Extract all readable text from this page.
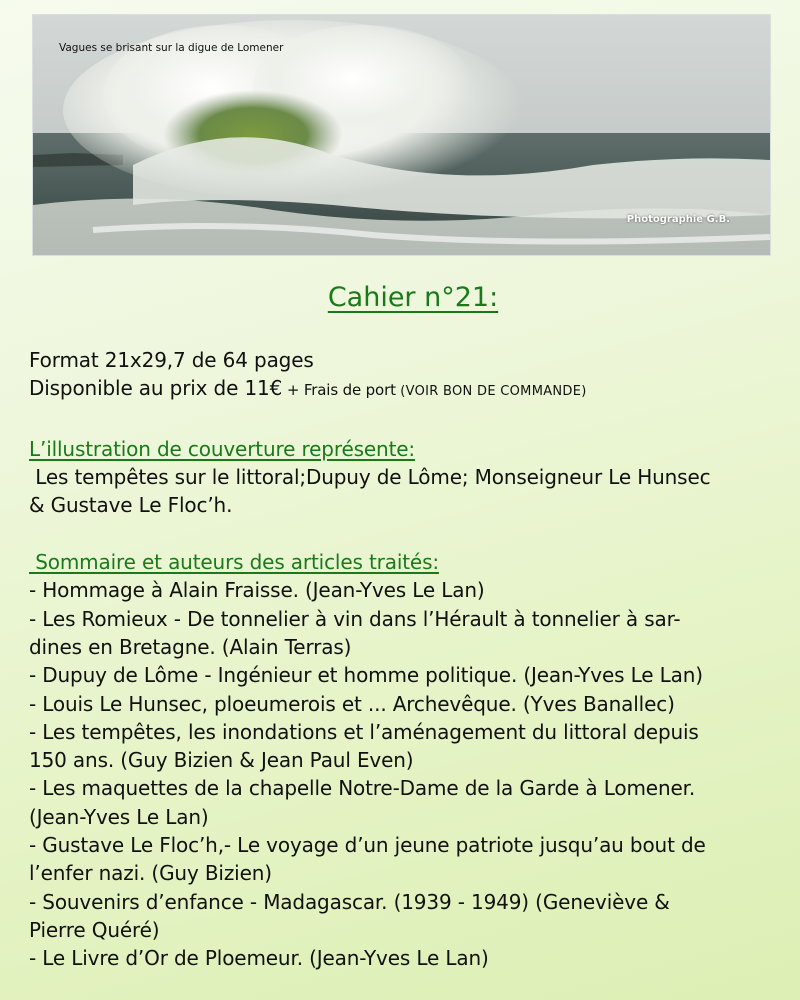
Vagues se brisant sur la digue de Lomener
Photographie G.B.
Cahier n°21:

Format 21x29,7 de 64 pages

Disponible au prix de 11€ + Frais de port (VOIR BON DE COMMANDE)

L’illustration de couverture représente:

Les tempêtes sur le littoral;Dupuy de Lôme; Monseigneur Le Hunsec

& Gustave Le Floc’h.

Sommaire et auteurs des articles traités:

- Hommage à Alain Fraisse. (Jean-Yves Le Lan)

- Les Romieux - De tonnelier à vin dans l’Hérault à tonnelier à sar-

dines en Bretagne. (Alain Terras)

- Dupuy de Lôme - Ingénieur et homme politique. (Jean-Yves Le Lan)

- Louis Le Hunsec, ploeumerois et ... Archevêque. (Yves Banallec)

- Les tempêtes, les inondations et l’aménagement du littoral depuis

150 ans. (Guy Bizien & Jean Paul Even)

- Les maquettes de la chapelle Notre-Dame de la Garde à Lomener.

(Jean-Yves Le Lan)

- Gustave Le Floc’h,- Le voyage d’un jeune patriote jusqu’au bout de

l’enfer nazi. (Guy Bizien)

- Souvenirs d’enfance - Madagascar. (1939 - 1949) (Geneviève &

Pierre Quéré)

- Le Livre d’Or de Ploemeur. (Jean-Yves Le Lan)
